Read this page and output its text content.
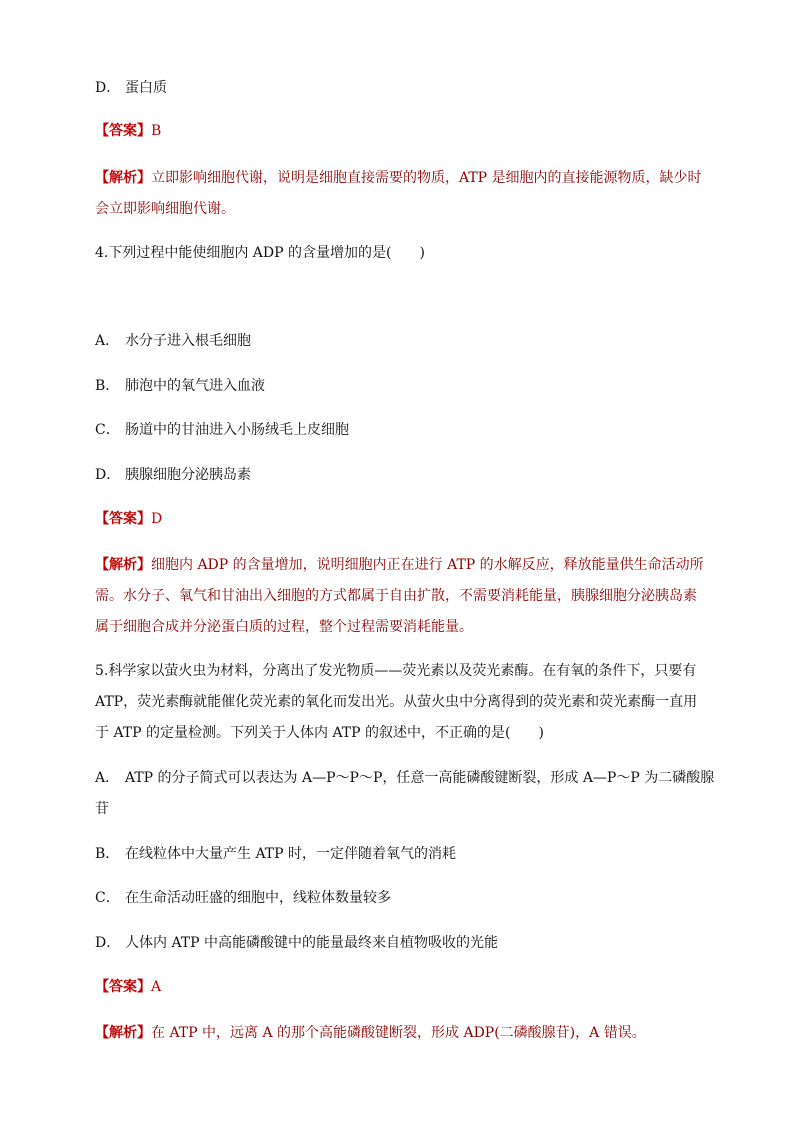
D． 蛋白质
【答案】B
【解析】立即影响细胞代谢，说明是细胞直接需要的物质，ATP 是细胞内的直接能源物质，缺少时
会立即影响细胞代谢。
4.下列过程中能使细胞内 ADP 的含量增加的是(　　)
A． 水分子进入根毛细胞
B． 肺泡中的氧气进入血液
C． 肠道中的甘油进入小肠绒毛上皮细胞
D． 胰腺细胞分泌胰岛素
【答案】D
【解析】细胞内 ADP 的含量增加，说明细胞内正在进行 ATP 的水解反应，释放能量供生命活动所
需。水分子、氧气和甘油出入细胞的方式都属于自由扩散，不需要消耗能量，胰腺细胞分泌胰岛素
属于细胞合成并分泌蛋白质的过程，整个过程需要消耗能量。
5.科学家以萤火虫为材料，分离出了发光物质——荧光素以及荧光素酶。在有氧的条件下，只要有
ATP，荧光素酶就能催化荧光素的氧化而发出光。从萤火虫中分离得到的荧光素和荧光素酶一直用
于 ATP 的定量检测。下列关于人体内 ATP 的叙述中，不正确的是(　　)
A． ATP 的分子简式可以表达为 A—P～P～P，任意一高能磷酸键断裂，形成 A—P～P 为二磷酸腺
苷
B． 在线粒体中大量产生 ATP 时，一定伴随着氧气的消耗
C． 在生命活动旺盛的细胞中，线粒体数量较多
D． 人体内 ATP 中高能磷酸键中的能量最终来自植物吸收的光能
【答案】A
【解析】在 ATP 中，远离 A 的那个高能磷酸键断裂，形成 ADP(二磷酸腺苷)，A 错误。
